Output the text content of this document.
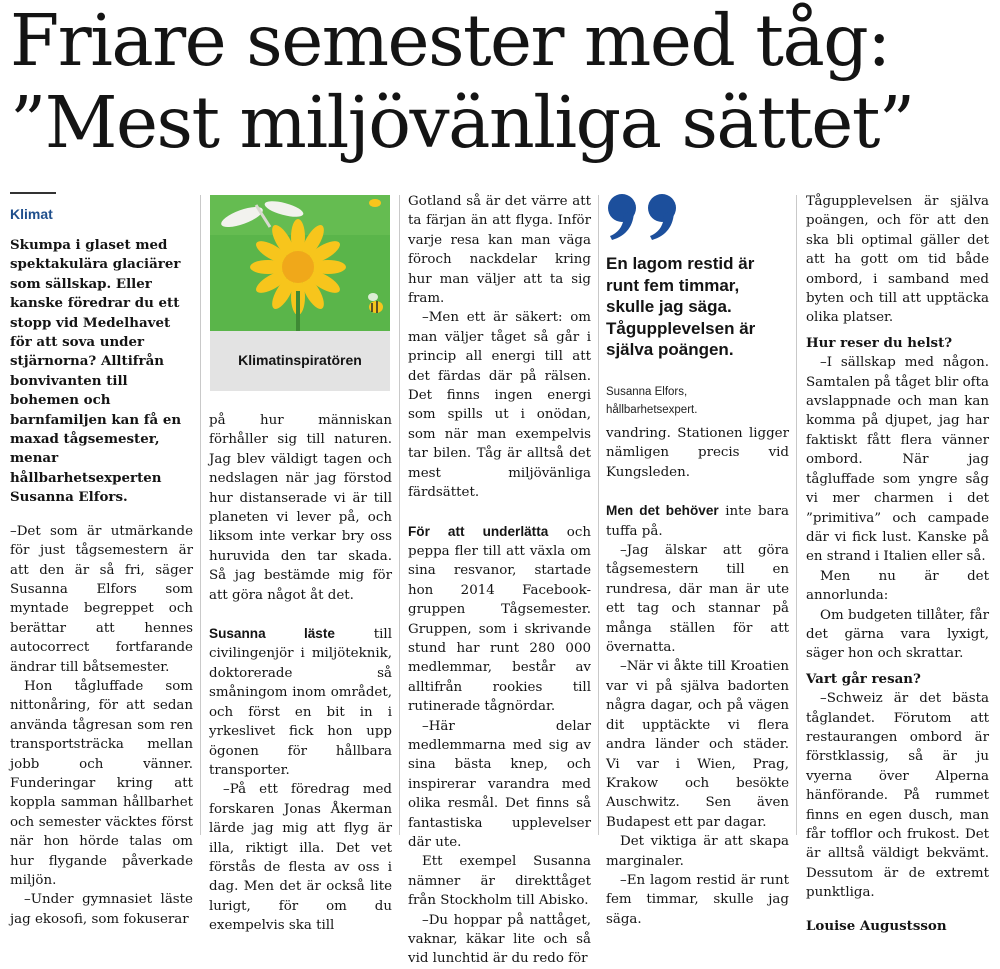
Friare semester med tåg:
”Mest miljövänliga sättet”
Klimat

Skumpa i glaset med spektakulära glaciärer som sällskap. Eller kanske föredrar du ett stopp vid Medelhavet för att sova under stjärnorna? Alltifrån bonvivanten till bohemen och barnfamiljen kan få en maxad tågsemester, menar hållbarhetsexperten Susanna Elfors.

–Det som är utmärkande för just tågsemestern är att den är så fri, säger Susanna Elfors som myntade begreppet och berättar att hennes autocorrect fortfarande ändrar till båtsemester.

Hon tågluffade som nittonåring, för att sedan använda tågresan som ren transportsträcka mellan jobb och vänner. Funderingar kring att koppla samman hållbarhet och semester väcktes först när hon hörde talas om hur flygande påverkade miljön.

–Under gymnasiet läste jag ekosofi, som fokuserar

Klimatinspiratören

på hur människan förhåller sig till naturen. Jag blev väldigt tagen och nedslagen när jag förstod hur distanserade vi är till planeten vi lever på, och liksom inte verkar bry oss huruvida den tar skada. Så jag bestämde mig för att göra något åt det.

Susanna läste till civilingenjör i miljöteknik, doktorerade så småningom inom området, och först en bit in i yrkeslivet fick hon upp ögonen för hållbara transporter.

–På ett föredrag med forskaren Jonas Åkerman lärde jag mig att flyg är illa, riktigt illa. Det vet förstås de flesta av oss i dag. Men det är också lite lurigt, för om du exempelvis ska till

Gotland så är det värre att ta färjan än att flyga. Inför varje resa kan man väga föroch nackdelar kring hur man väljer att ta sig fram.

–Men ett är säkert: om man väljer tåget så går i princip all energi till att det färdas där på rälsen. Det finns ingen energi som spills ut i onödan, som när man exempelvis tar bilen. Tåg är alltså det mest miljövänliga färdsättet.

För att underlätta och peppa fler till att växla om sina resvanor, startade hon 2014 Facebook-gruppen Tågsemester. Gruppen, som i skrivande stund har runt 280 000 medlemmar, består av alltifrån rookies till rutinerade tågnördar.

–Här delar medlemmarna med sig av sina bästa knep, och inspirerar varandra med olika resmål. Det finns så fantastiska upplevelser där ute.

Ett exempel Susanna nämner är direkttåget från Stockholm till Abisko.

–Du hoppar på nattåget, vaknar, käkar lite och så vid lunchtid är du redo för

En lagom restid är runt fem timmar, skulle jag säga. Tågupplevelsen är själva poängen.

Susanna Elfors,

hållbarhetsexpert.

vandring. Stationen ligger nämligen precis vid Kungsleden.

Men det behöver inte bara tuffa på.

–Jag älskar att göra tågsemestern till en rundresa, där man är ute ett tag och stannar på många ställen för att övernatta.

–När vi åkte till Kroatien var vi på själva badorten några dagar, och på vägen dit upptäckte vi flera andra länder och städer. Vi var i Wien, Prag, Krakow och besökte Auschwitz. Sen även Budapest ett par dagar.

Det viktiga är att skapa marginaler.

–En lagom restid är runt fem timmar, skulle jag säga.

Tågupplevelsen är själva poängen, och för att den ska bli optimal gäller det att ha gott om tid både ombord, i samband med byten och till att upptäcka olika platser.

Hur reser du helst?

–I sällskap med någon. Samtalen på tåget blir ofta avslappnade och man kan komma på djupet, jag har faktiskt fått flera vänner ombord. När jag tågluffade som yngre såg vi mer charmen i det ”primitiva” och campade där vi fick lust. Kanske på en strand i Italien eller så.

Men nu är det annorlunda:

Om budgeten tillåter, får det gärna vara lyxigt, säger hon och skrattar.

Vart går resan?

–Schweiz är det bästa tåglandet. Förutom att restaurangen ombord är förstklassig, så är ju vyerna över Alperna hänförande. På rummet finns en egen dusch, man får tofflor och frukost. Det är alltså väldigt bekvämt. Dessutom är de extremt punktliga.

Louise Augustsson
